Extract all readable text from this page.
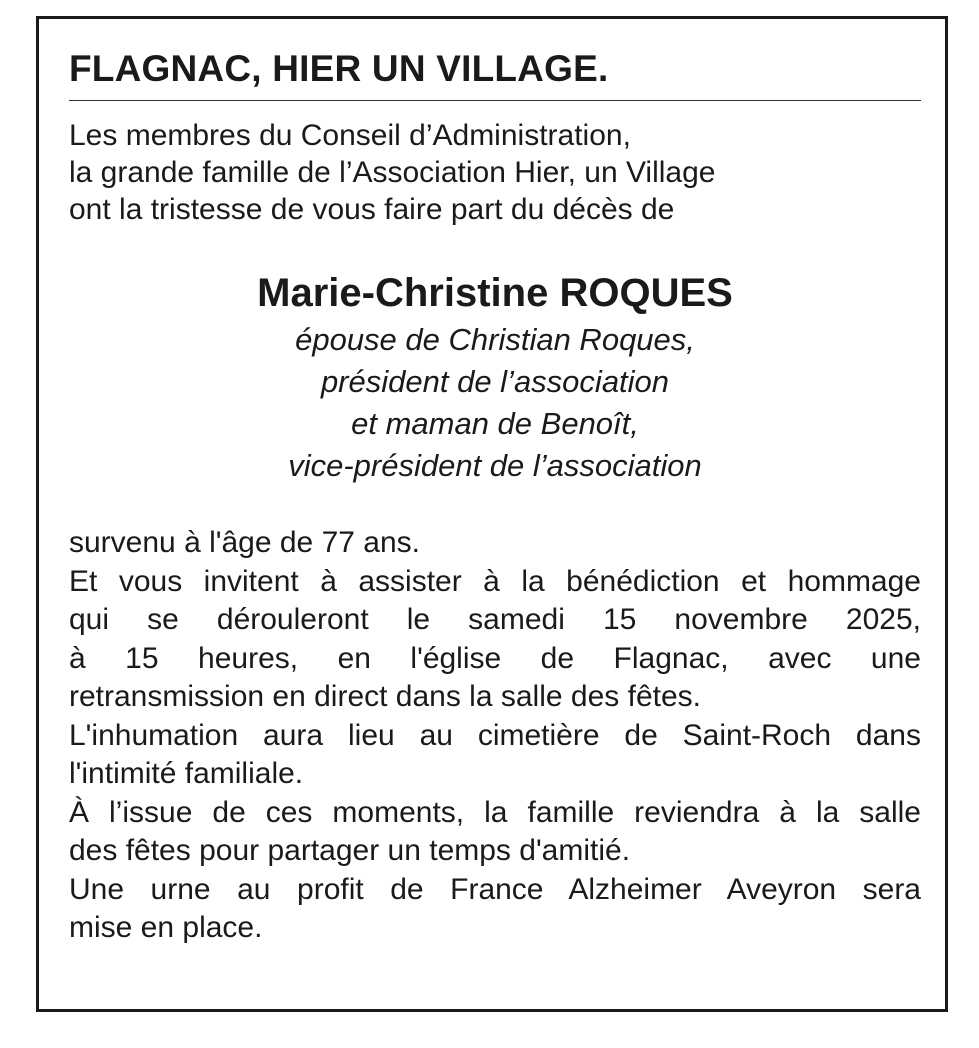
FLAGNAC, HIER UN VILLAGE.
Les membres du Conseil d’Administration,
la grande famille de l’Association Hier, un Village
ont la tristesse de vous faire part du décès de
Marie-Christine ROQUES
épouse de Christian Roques,
président de l’association
et maman de Benoît,
vice-président de l’association
survenu à l'âge de 77 ans.
Et vous invitent à assister à la bénédiction et hommage
qui se dérouleront le samedi 15 novembre 2025,
à 15 heures, en l'église de Flagnac, avec une
retransmission en direct dans la salle des fêtes.
L'inhumation aura lieu au cimetière de Saint-Roch dans
l'intimité familiale.
À l’issue de ces moments, la famille reviendra à la salle
des fêtes pour partager un temps d'amitié.
Une urne au profit de France Alzheimer Aveyron sera
mise en place.
